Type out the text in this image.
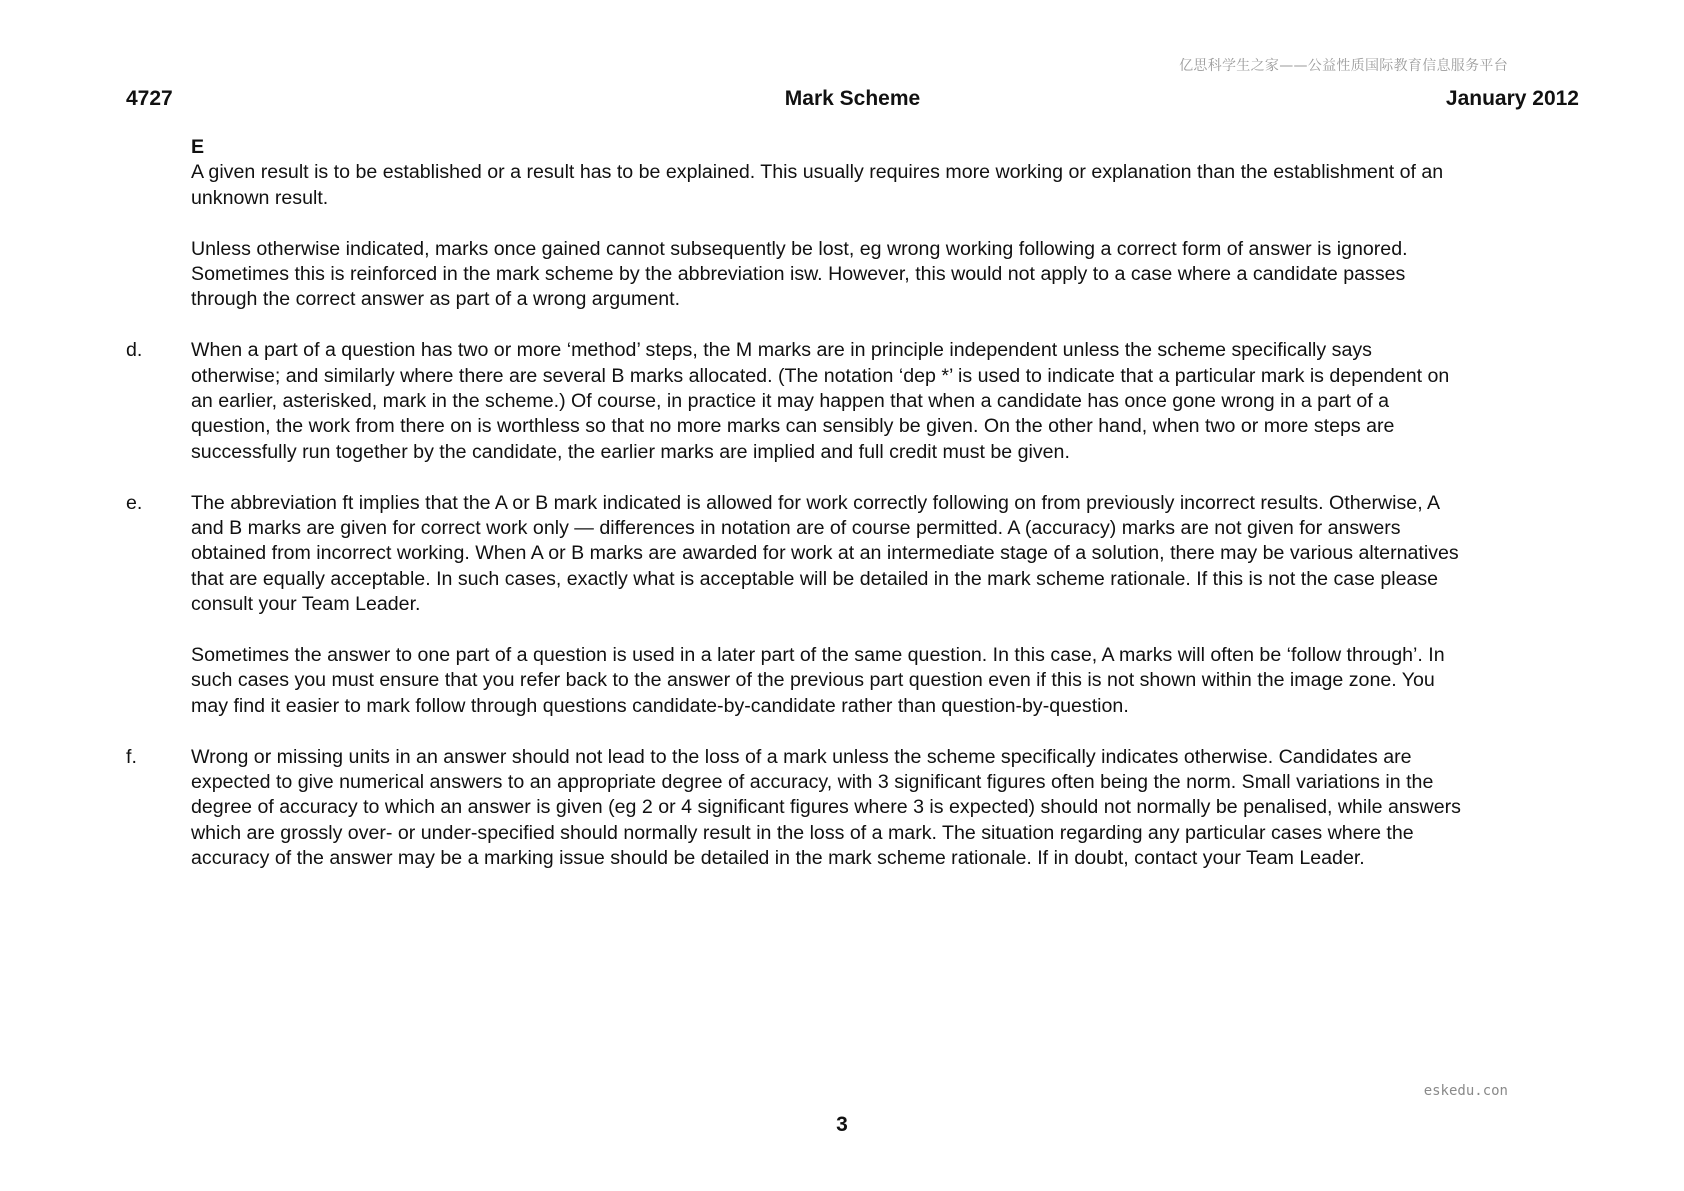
亿思科学生之家——公益性质国际教育信息服务平台
4727	Mark Scheme	January 2012

E

A given result is to be established or a result has to be explained. This usually requires more working or explanation than the establishment of an unknown result.

Unless otherwise indicated, marks once gained cannot subsequently be lost, eg wrong working following a correct form of answer is ignored. Sometimes this is reinforced in the mark scheme by the abbreviation isw. However, this would not apply to a case where a candidate passes through the correct answer as part of a wrong argument.

d. When a part of a question has two or more ‘method’ steps, the M marks are in principle independent unless the scheme specifically says otherwise; and similarly where there are several B marks allocated. (The notation ‘dep *’ is used to indicate that a particular mark is dependent on an earlier, asterisked, mark in the scheme.) Of course, in practice it may happen that when a candidate has once gone wrong in a part of a question, the work from there on is worthless so that no more marks can sensibly be given. On the other hand, when two or more steps are successfully run together by the candidate, the earlier marks are implied and full credit must be given.

e. The abbreviation ft implies that the A or B mark indicated is allowed for work correctly following on from previously incorrect results. Otherwise, A and B marks are given for correct work only — differences in notation are of course permitted. A (accuracy) marks are not given for answers obtained from incorrect working. When A or B marks are awarded for work at an intermediate stage of a solution, there may be various alternatives that are equally acceptable. In such cases, exactly what is acceptable will be detailed in the mark scheme rationale. If this is not the case please consult your Team Leader.

Sometimes the answer to one part of a question is used in a later part of the same question. In this case, A marks will often be ‘follow through’. In such cases you must ensure that you refer back to the answer of the previous part question even if this is not shown within the image zone. You may find it easier to mark follow through questions candidate-by-candidate rather than question-by-question.

f.	Wrong or missing units in an answer should not lead to the loss of a mark unless the scheme specifically indicates otherwise. Candidates are expected to give numerical answers to an appropriate degree of accuracy, with 3 significant figures often being the norm. Small variations in the degree of accuracy to which an answer is given (eg 2 or 4 significant figures where 3 is expected) should not normally be penalised, while answers which are grossly over- or under-specified should normally result in the loss of a mark. The situation regarding any particular cases where the accuracy of the answer may be a marking issue should be detailed in the mark scheme rationale. If in doubt, contact your Team Leader.

eskedu.con
3
